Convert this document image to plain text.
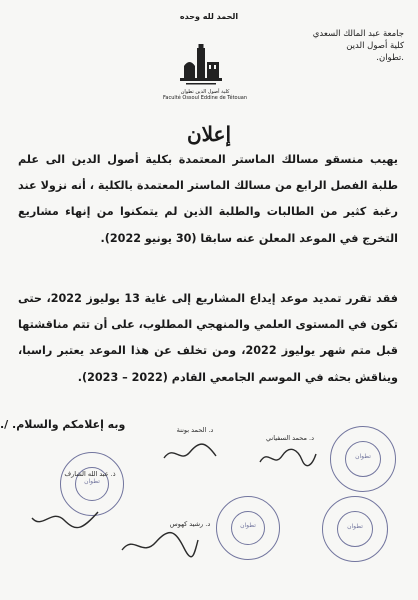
الحمد لله وحده
جامعة عبد المالك السعدي
كلية أصول الدين
.تطوان.
كلية أصول الدين تطوان
Faculté Ossoul Eddine de Tétouan
إعلان
يهيب منسقو مسالك الماستر المعتمدة بكلية أصول الدين الى علم طلبة الفصل الرابع من مسالك الماستر المعتمدة بالكلية ، أنه نزولا عند رغبة كثير من الطالبات والطلبة الذين لم يتمكنوا من إنهاء مشاريع التخرج في الموعد المعلن عنه سابقا (30 يونيو 2022).
فقد تقرر تمديد موعد إيداع المشاريع إلى غاية 13 يوليوز 2022، حتى تكون في المستوى العلمي والمنهجي المطلوب، على أن تتم مناقشتها قبل متم شهر يوليوز 2022، ومن تخلف عن هذا الموعد يعتبر راسبا، ويناقش بحثه في الموسم الجامعي القادم (2022 – 2023).
وبه إعلامكم والسلام. /.
تطوان
تطوان
تطوان
تطوان
د. محمد السفياني
د. الحمد بوننة
ذ. عبد الله الشارف
د. رشيد كهوس
